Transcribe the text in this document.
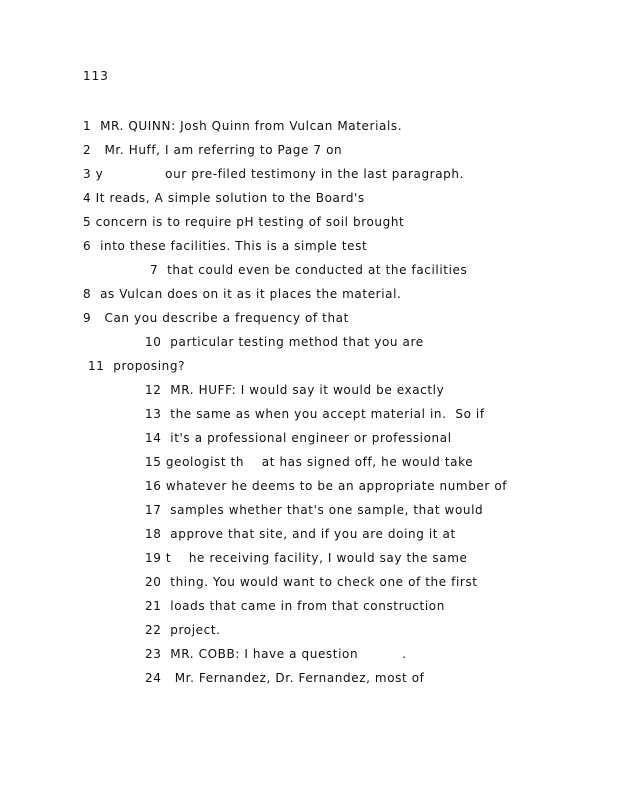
113
1  MR. QUINN: Josh Quinn from Vulcan Materials.
2   Mr. Huff, I am referring to Page 7 on
3 y              our pre-filed testimony in the last paragraph.
4 It reads, A simple solution to the Board's
5 concern is to require pH testing of soil brought
6  into these facilities. This is a simple test
7  that could even be conducted at the facilities
8  as Vulcan does on it as it places the material.
9   Can you describe a frequency of that
10  particular testing method that you are
11  proposing?
12  MR. HUFF: I would say it would be exactly
13  the same as when you accept material in.  So if
14  it's a professional engineer or professional
15 geologist th    at has signed off, he would take
16 whatever he deems to be an appropriate number of
17  samples whether that's one sample, that would
18  approve that site, and if you are doing it at
19 t    he receiving facility, I would say the same
20  thing. You would want to check one of the first
21  loads that came in from that construction
22  project.
23  MR. COBB: I have a question          .
24   Mr. Fernandez, Dr. Fernandez, most of
